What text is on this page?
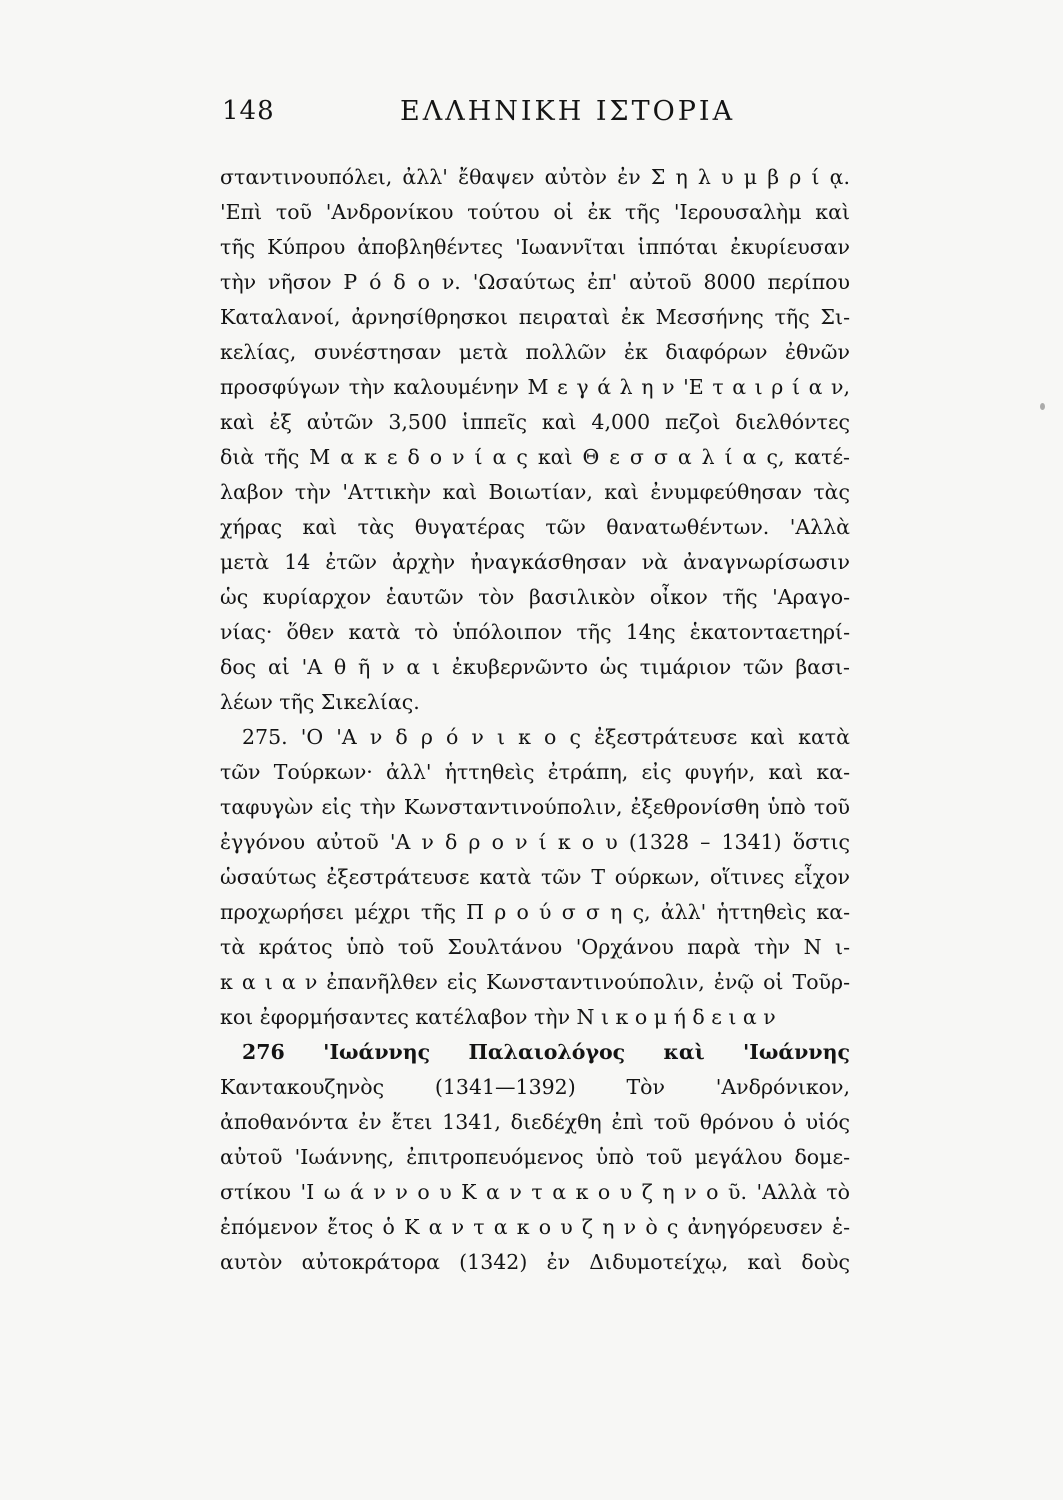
148	ΕΛΛΗΝΙΚΗ ΙΣΤΟΡΙΑ
σταντινουπόλει, ἀλλ' ἔθαψεν αὐτὸν ἐν Σ η λ υ μ β ρ ί ᾳ.
'Επὶ τοῦ 'Ανδρονίκου τούτου οἱ ἐκ τῆς 'Ιερουσαλὴμ καὶ
τῆς Κύπρου ἀποβληθέντες 'Ιωαννῖται ἱππόται ἐκυρίευσαν
τὴν νῆσον Ρ ό δ ο ν. 'Ωσαύτως ἐπ' αὐτοῦ 8000 περίπου
Καταλανοί, ἀρνησίθρησκοι πειραταὶ ἐκ Μεσσήνης τῆς Σι-
κελίας, συνέστησαν μετὰ πολλῶν ἐκ διαφόρων ἐθνῶν
προσφύγων τὴν καλουμένην Μ ε γ ά λ η ν 'Ε τ α ι ρ ί α ν,
καὶ ἐξ αὐτῶν 3,500 ἱππεῖς καὶ 4,000 πεζοὶ διελθόντες
διὰ τῆς Μ α κ ε δ ο ν ί α ς καὶ Θ ε σ σ α λ ί α ς, κατέ-
λαβον τὴν 'Αττικὴν καὶ Βοιωτίαν, καὶ ἐνυμφεύθησαν τὰς
χήρας καὶ τὰς θυγατέρας τῶν θανατωθέντων. 'Αλλὰ
μετὰ 14 ἐτῶν ἀρχὴν ἠναγκάσθησαν νὰ ἀναγνωρίσωσιν
ὡς κυρίαρχον ἑαυτῶν τὸν βασιλικὸν οἶκον τῆς 'Αραγο-
νίας· ὅθεν κατὰ τὸ ὑπόλοιπον τῆς 14ης ἑκατονταετηρί-
δος αἱ 'Α θ ῆ ν α ι ἐκυβερνῶντο ὡς τιμάριον τῶν βασι-
λέων τῆς Σικελίας.
275. 'Ο 'Α ν δ ρ ό ν ι κ ο ς ἐξεστράτευσε καὶ κατὰ
τῶν Τούρκων· ἀλλ' ἡττηθεὶς ἐτράπη, εἰς φυγήν, καὶ κα-
ταφυγὼν εἰς τὴν Κωνσταντινούπολιν, ἐξεθρονίσθη ὑπὸ τοῦ
ἐγγόνου αὐτοῦ 'Α ν δ ρ ο ν ί κ ο υ (1328 – 1341) ὅστις
ὡσαύτως ἐξεστράτευσε κατὰ τῶν Τ ούρκων, οἵτινες εἶχον
προχωρήσει μέχρι τῆς Π ρ ο ύ σ σ η ς, ἀλλ' ἡττηθεὶς κα-
τὰ κράτος ὑπὸ τοῦ Σουλτάνου 'Ορχάνου παρὰ τὴν Ν ι-
κ α ι α ν ἐπανῆλθεν εἰς Κωνσταντινούπολιν, ἐνῷ οἱ Τοῦρ-
κοι ἐφορμήσαντες κατέλαβον τὴν Ν ι κ ο μ ή δ ε ι α ν
276 'Ιωάννης Παλαιολόγος καὶ 'Ιωάννης
Καντακουζηνὸς (1341—1392) Τὸν 'Ανδρόνικον,
ἀποθανόντα ἐν ἔτει 1341, διεδέχθη ἐπὶ τοῦ θρόνου ὁ υἱός
αὐτοῦ 'Ιωάννης, ἐπιτροπευόμενος ὑπὸ τοῦ μεγάλου δομε-
στίκου 'Ι ω ά ν ν ο υ Κ α ν τ α κ ο υ ζ η ν ο ῦ. 'Αλλὰ τὸ
ἐπόμενον ἔτος ὁ Κ α ν τ α κ ο υ ζ η ν ὸ ς ἀνηγόρευσεν ἑ-
αυτὸν αὐτοκράτορα (1342) ἐν Διδυμοτείχῳ, καὶ δοὺς
